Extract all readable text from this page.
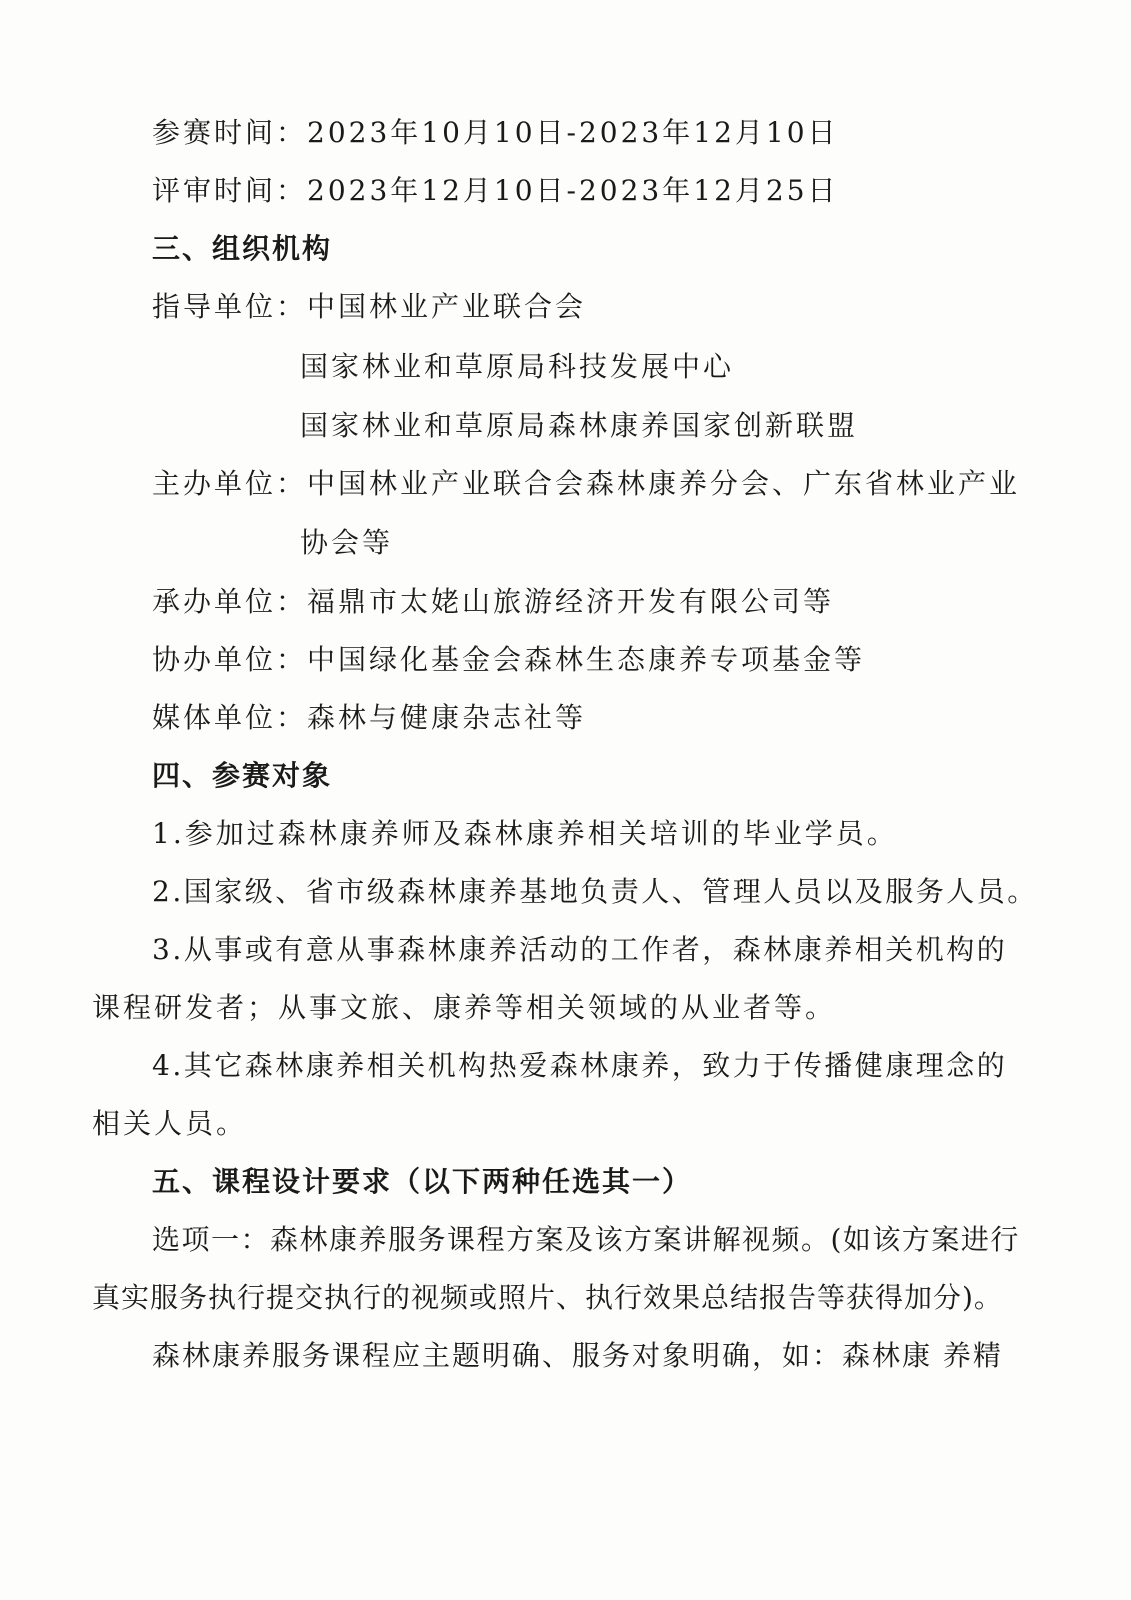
参赛时间：2023年10月10日-2023年12月10日
评审时间：2023年12月10日-2023年12月25日
三、组织机构
指导单位：中国林业产业联合会
国家林业和草原局科技发展中心
国家林业和草原局森林康养国家创新联盟
主办单位：中国林业产业联合会森林康养分会、广东省林业产业
协会等
承办单位：福鼎市太姥山旅游经济开发有限公司等
协办单位：中国绿化基金会森林生态康养专项基金等
媒体单位：森林与健康杂志社等
四、参赛对象
1.参加过森林康养师及森林康养相关培训的毕业学员。
2.国家级、省市级森林康养基地负责人、管理人员以及服务人员。
3.从事或有意从事森林康养活动的工作者，森林康养相关机构的
课程研发者；从事文旅、康养等相关领域的从业者等。
4.其它森林康养相关机构热爱森林康养，致力于传播健康理念的
相关人员。
五、课程设计要求（以下两种任选其一）
选项一：森林康养服务课程方案及该方案讲解视频。(如该方案进行
真实服务执行提交执行的视频或照片、执行效果总结报告等获得加分)。
森林康养服务课程应主题明确、服务对象明确，如：森林康 养精
